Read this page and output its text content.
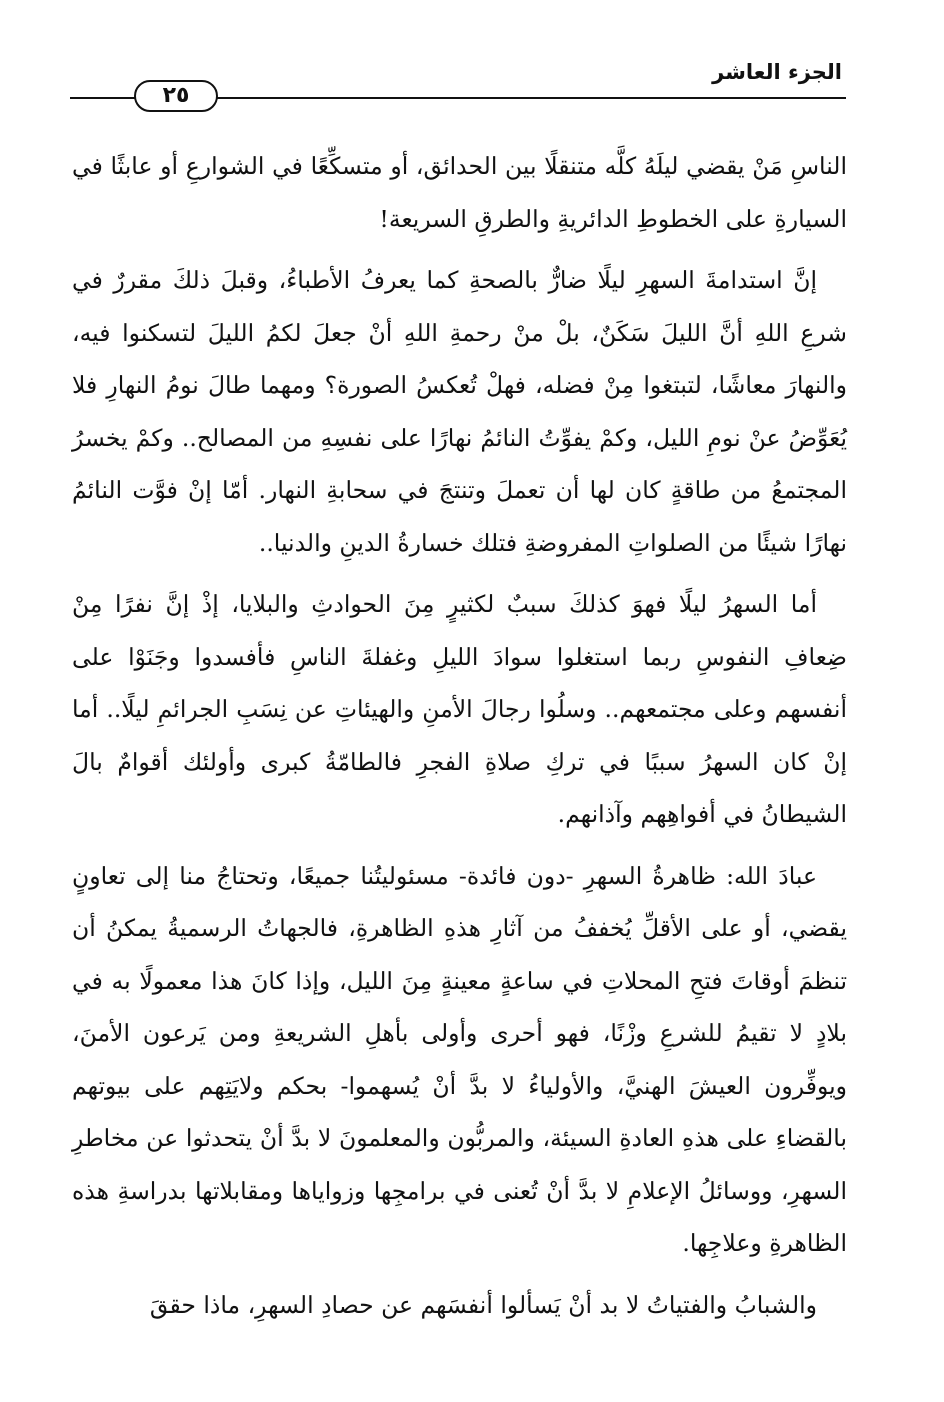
٢٥
الجزء العاشر

الناسِ مَنْ يقضي ليلَهُ كلَّه متنقلًا بين الحدائق، أو متسكِّعًا في الشوارعِ أو عابثًا في السيارةِ على الخطوطِ الدائريةِ والطرقِ السريعة!

إنَّ استدامةَ السهرِ ليلًا ضارٌّ بالصحةِ كما يعرفُ الأطباءُ، وقبلَ ذلكَ مقررٌ في شرعِ اللهِ أنَّ الليلَ سَكَنٌ، بلْ منْ رحمةِ اللهِ أنْ جعلَ لكمُ الليلَ لتسكنوا فيه، والنهارَ معاشًا، لتبتغوا مِنْ فضله، فهلْ تُعكسُ الصورة؟ ومهما طالَ نومُ النهارِ فلا يُعَوِّضُ عنْ نومِ الليل، وكمْ يفوِّتُ النائمُ نهارًا على نفسِهِ من المصالح.. وكمْ يخسرُ المجتمعُ من طاقةٍ كان لها أن تعملَ وتنتجَ في سحابةِ النهار. أمّا إنْ فوَّت النائمُ نهارًا شيئًا من الصلواتِ المفروضةِ فتلك خسارةُ الدينِ والدنيا..

أما السهرُ ليلًا فهوَ كذلكَ سببٌ لكثيرٍ مِنَ الحوادثِ والبلايا، إذْ إنَّ نفرًا مِنْ ضِعافِ النفوسِ ربما استغلوا سوادَ الليلِ وغفلةَ الناسِ فأفسدوا وجَنَوْا على أنفسهم وعلى مجتمعهم.. وسلُوا رجالَ الأمنِ والهيئاتِ عن نِسَبِ الجرائمِ ليلًا.. أما إنْ كان السهرُ سببًا في تركِ صلاةِ الفجرِ فالطامّةُ كبرى وأولئك أقوامٌ بالَ الشيطانُ في أفواهِهم وآذانهم.

عبادَ الله: ظاهرةُ السهرِ -دون فائدة- مسئوليتُنا جميعًا، وتحتاجُ منا إلى تعاونٍ يقضي، أو على الأقلِّ يُخففُ من آثارِ هذهِ الظاهرةِ، فالجهاتُ الرسميةُ يمكنُ أن تنظمَ أوقاتَ فتحِ المحلاتِ في ساعةٍ معينةٍ مِنَ الليل، وإذا كانَ هذا معمولًا به في بلادٍ لا تقيمُ للشرعِ وزْنًا، فهو أحرى وأولى بأهلِ الشريعةِ ومن يَرعون الأمنَ، ويوفِّرون العيشَ الهنيَّ، والأولياءُ لا بدَّ أنْ يُسهموا- بحكم ولايَتِهم على بيوتهم بالقضاءِ على هذهِ العادةِ السيئة، والمربُّون والمعلمونَ لا بدَّ أنْ يتحدثوا عن مخاطرِ السهرِ، ووسائلُ الإعلامِ لا بدَّ أنْ تُعنى في برامجِها وزواياها ومقابلاتها بدراسةِ هذه الظاهرةِ وعلاجِها.

والشبابُ والفتياتُ لا بد أنْ يَسألوا أنفسَهم عن حصادِ السهرِ، ماذا حققَ
